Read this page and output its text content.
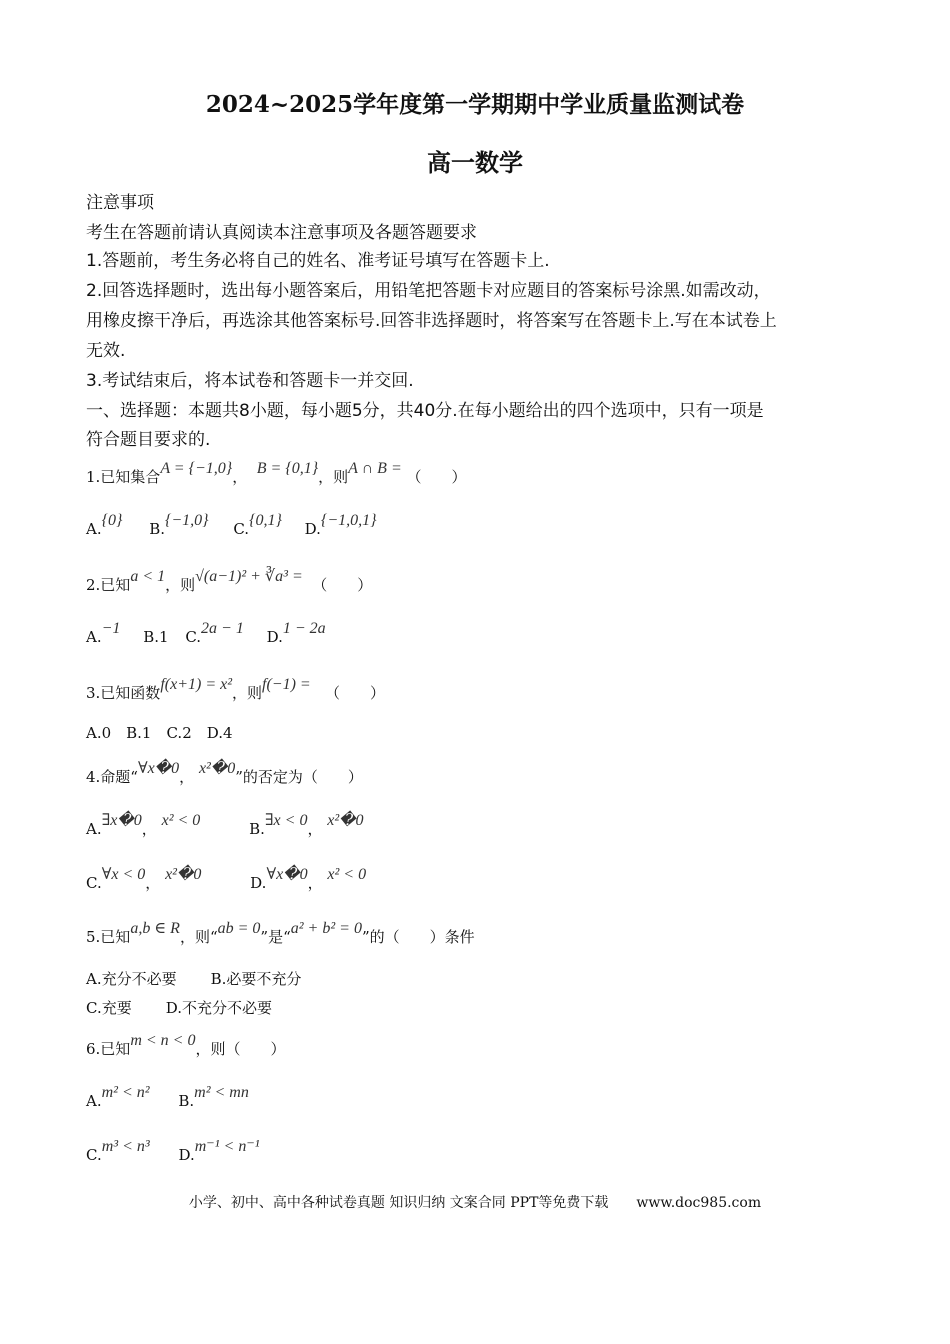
2024~2025学年度第一学期期中学业质量监测试卷
高一数学
注意事项
考生在答题前请认真阅读本注意事项及各题答题要求
1.答题前，考生务必将自己的姓名、准考证号填写在答题卡上.
2.回答选择题时，选出每小题答案后，用铅笔把答题卡对应题目的答案标号涂黑.如需改动，
用橡皮擦干净后，再选涂其他答案标号.回答非选择题时，将答案写在答题卡上.写在本试卷上
无效.
3.考试结束后，将本试卷和答题卡一并交回.
一、选择题：本题共8小题，每小题5分，共40分.在每小题给出的四个选项中，只有一项是
符合题目要求的.
1.已知集合A = {−1,0}， B = {0,1}，则A ∩ B = （　　）
A.{0} B.{−1,0} C.{0,1} D.{−1,0,1}
2.已知a < 1，则√(a−1)² + ∛a³ = （　　）
A.−1 B.1 C.2a − 1 D.1 − 2a
3.已知函数f(x+1) = x²，则f(−1) = （　　）
A.0　B.1　C.2　D.4
4.命题“∀x�0， x²�0”的否定为（　　）
A.∃x�0， x² < 0	B.∃x < 0， x²�0
C.∀x < 0， x²�0	D.∀x�0， x² < 0
5.已知a,b ∈ R，则“ab = 0”是“a² + b² = 0”的（　　）条件
A.充分不必要 B.必要不充分
C.充要 D.不充分不必要
6.已知m < n < 0，则（　　）
A.m² < n² B.m² < mn
C.m³ < n³ D.m⁻¹ < n⁻¹
小学、初中、高中各种试卷真题 知识归纳 文案合同 PPT等免费下载　　www.doc985.com
